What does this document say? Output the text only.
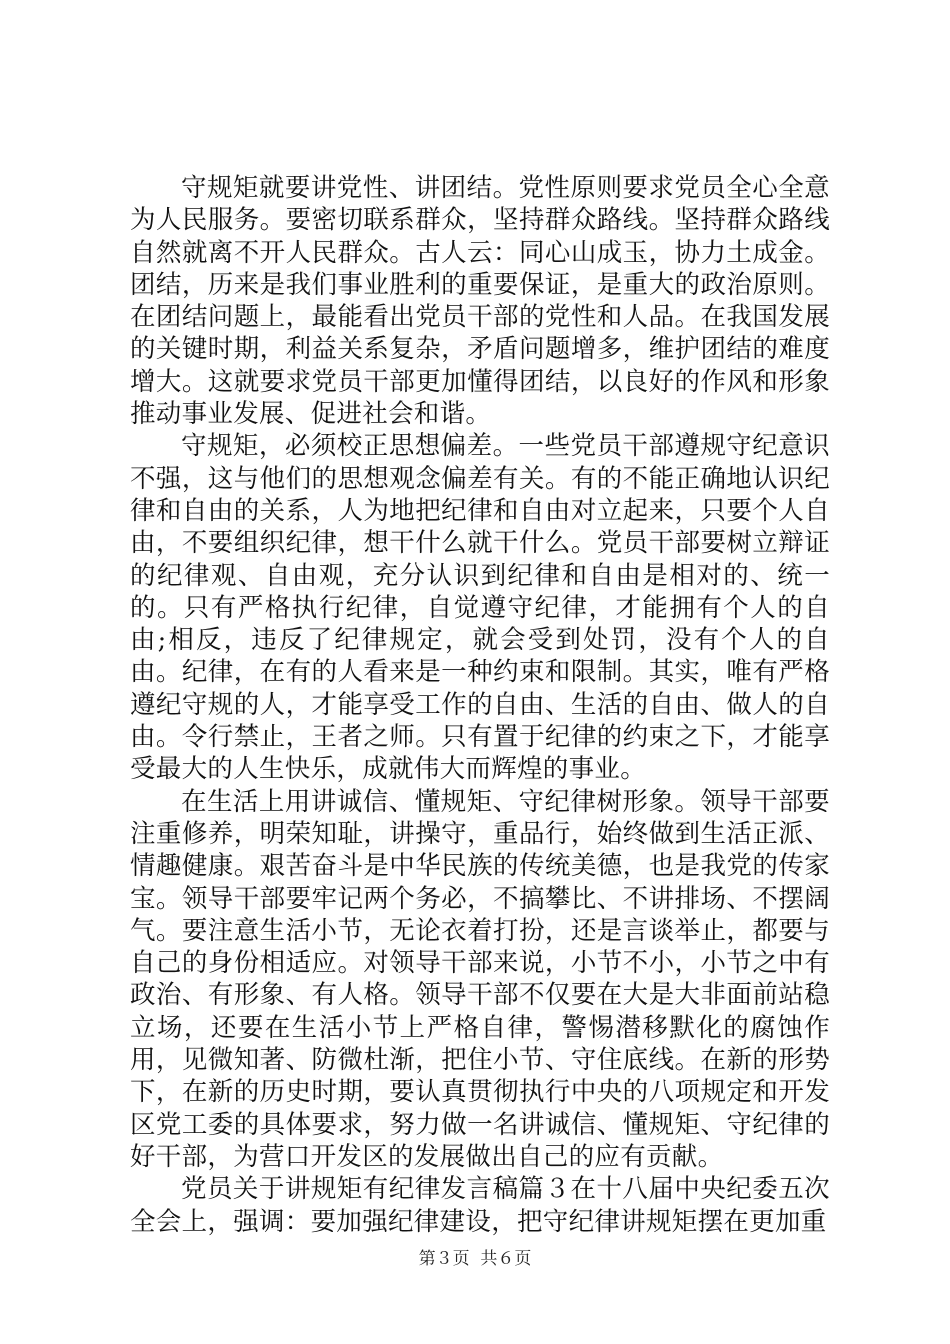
守规矩就要讲党性、讲团结。党性原则要求党员全心全意为人民服务。要密切联系群众，坚持群众路线。坚持群众路线自然就离不开人民群众。古人云：同心山成玉，协力土成金。团结，历来是我们事业胜利的重要保证，是重大的政治原则。在团结问题上，最能看出党员干部的党性和人品。在我国发展的关键时期，利益关系复杂，矛盾问题增多，维护团结的难度增大。这就要求党员干部更加懂得团结，以良好的作风和形象推动事业发展、促进社会和谐。

守规矩，必须校正思想偏差。一些党员干部遵规守纪意识不强，这与他们的思想观念偏差有关。有的不能正确地认识纪律和自由的关系，人为地把纪律和自由对立起来，只要个人自由，不要组织纪律，想干什么就干什么。党员干部要树立辩证的纪律观、自由观，充分认识到纪律和自由是相对的、统一的。只有严格执行纪律，自觉遵守纪律，才能拥有个人的自由;相反，违反了纪律规定，就会受到处罚，没有个人的自由。纪律，在有的人看来是一种约束和限制。其实，唯有严格遵纪守规的人，才能享受工作的自由、生活的自由、做人的自由。令行禁止，王者之师。只有置于纪律的约束之下，才能享受最大的人生快乐，成就伟大而辉煌的事业。

在生活上用讲诚信、懂规矩、守纪律树形象。领导干部要注重修养，明荣知耻，讲操守，重品行，始终做到生活正派、情趣健康。艰苦奋斗是中华民族的传统美德，也是我党的传家宝。领导干部要牢记两个务必，不搞攀比、不讲排场、不摆阔气。要注意生活小节，无论衣着打扮，还是言谈举止，都要与自己的身份相适应。对领导干部来说，小节不小，小节之中有政治、有形象、有人格。领导干部不仅要在大是大非面前站稳立场，还要在生活小节上严格自律，警惕潜移默化的腐蚀作用，见微知著、防微杜渐，把住小节、守住底线。在新的形势下，在新的历史时期，要认真贯彻执行中央的八项规定和开发区党工委的具体要求，努力做一名讲诚信、懂规矩、守纪律的好干部，为营口开发区的发展做出自己的应有贡献。

党员关于讲规矩有纪律发言稿篇３在十八届中央纪委五次全会上，强调：要加强纪律建设，把守纪律讲规矩摆在更加重

第３页  共６页
